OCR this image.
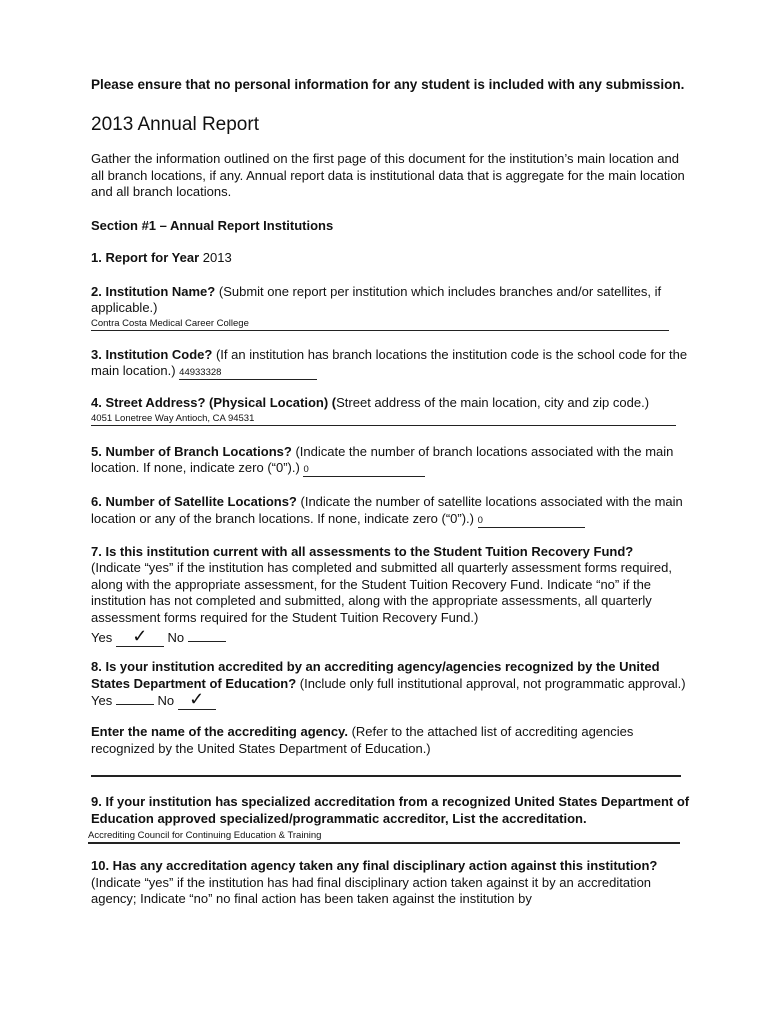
Please ensure that no personal information for any student is included with any submission.
2013 Annual Report
Gather the information outlined on the first page of this document for the institution’s main location and all branch locations, if any. Annual report data is institutional data that is aggregate for the main location and all branch locations.
Section #1 – Annual Report Institutions
1. Report for Year 2013
2. Institution Name? (Submit one report per institution which includes branches and/or satellites, if applicable.)
Contra Costa Medical Career College
3. Institution Code? (If an institution has branch locations the institution code is the school code for the main location.) 44933328
4. Street Address? (Physical Location) (Street address of the main location, city and zip code.)
4051 Lonetree Way Antioch, CA 94531
5. Number of Branch Locations? (Indicate the number of branch locations associated with the main location. If none, indicate zero (“0”).) 0
6. Number of Satellite Locations? (Indicate the number of satellite locations associated with the main location or any of the branch locations. If none, indicate zero (“0”).) 0
7. Is this institution current with all assessments to the Student Tuition Recovery Fund?
(Indicate “yes” if the institution has completed and submitted all quarterly assessment forms required, along with the appropriate assessment, for the Student Tuition Recovery Fund. Indicate “no” if the institution has not completed and submitted, along with the appropriate assessments, all quarterly assessment forms required for the Student Tuition Recovery Fund.)
Yes ✓ No
8. Is your institution accredited by an accrediting agency/agencies recognized by the United States Department of Education? (Include only full institutional approval, not programmatic approval.) Yes	No ✓
Enter the name of the accrediting agency. (Refer to the attached list of accrediting agencies recognized by the United States Department of Education.)
9. If your institution has specialized accreditation from a recognized United States Department of Education approved specialized/programmatic accreditor, List the accreditation.
Accrediting Council for Continuing Education & Training
10. Has any accreditation agency taken any final disciplinary action against this institution? (Indicate “yes” if the institution has had final disciplinary action taken against it by an accreditation agency; Indicate “no” no final action has been taken against the institution by
